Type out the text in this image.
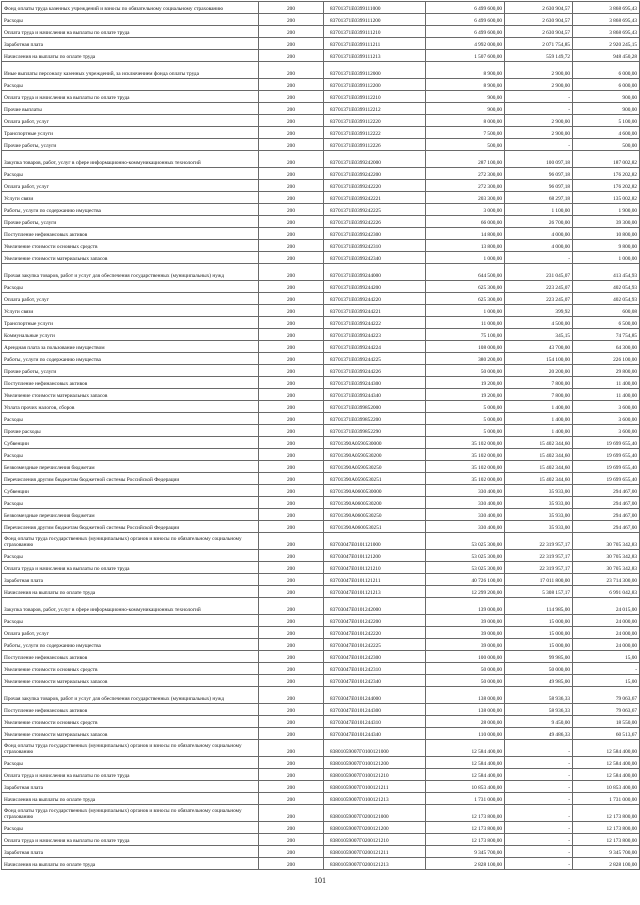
Фонд оплаты труда казенных учреждений и взносы по обязательному социальному страхованию	200	83701371E0399111000	6 499 600,00	2 630 904,57	3 868 695,43
Расходы	200	83701371E0399111200	6 499 600,00	2 630 904,57	3 868 695,43
Оплата труда и начисления на выплаты по оплате труда	200	83701371E0399111210	6 499 600,00	2 630 904,57	3 868 695,43
Заработная плата	200	83701371E0399111211	4 992 000,00	2 071 754,85	2 920 245,15
Начисления на выплаты по оплате труда	200	83701371E0399111213	1 507 600,00	559 149,72	948 450,28
Иные выплаты персоналу казенных учреждений, за исключением фонда оплаты труда	200	83701371E0399112000	8 900,00	2 900,00	6 000,00
Расходы	200	83701371E0399112200	8 900,00	2 900,00	6 000,00
Оплата труда и начисления на выплаты по оплате труда	200	83701371E0399112210	900,00	-	900,00
Прочие выплаты	200	83701371E0399112212	900,00	-	900,00
Оплата работ, услуг	200	83701371E0399112220	8 000,00	2 900,00	5 100,00
Транспортные услуги	200	83701371E0399112222	7 500,00	2 900,00	4 600,00
Прочие работы, услуги	200	83701371E0399112226	500,00	-	500,00
Закупка товаров, работ, услуг в сфере информационно-коммуникационных технологий	200	83701371E0399242000	287 100,00	100 097,18	187 002,82
Расходы	200	83701371E0399242200	272 300,00	96 097,18	176 202,82
Оплата работ, услуг	200	83701371E0399242220	272 300,00	96 097,18	176 202,82
Услуги связи	200	83701371E0399242221	203 300,00	68 297,18	135 002,82
Работы, услуги по содержанию имущества	200	83701371E0399242225	3 000,00	1 100,00	1 900,00
Прочие работы, услуги	200	83701371E0399242226	66 000,00	26 700,00	39 300,00
Поступление нефинансовых активов	200	83701371E0399242300	14 800,00	4 000,00	10 800,00
Увеличение стоимости основных средств	200	83701371E0399242310	13 800,00	4 000,00	9 800,00
Увеличение стоимости материальных запасов	200	83701371E0399242340	1 000,00	-	1 000,00
Прочая закупка товаров, работ и услуг для обеспечения государственных (муниципальных) нужд	200	83701371E0399244000	644 500,00	231 045,07	413 454,93
Расходы	200	83701371E0399244200	625 300,00	223 245,07	402 054,93
Оплата работ, услуг	200	83701371E0399244220	625 300,00	223 245,07	402 054,93
Услуги связи	200	83701371E0399244221	1 000,00	399,92	600,08
Транспортные услуги	200	83701371E0399244222	11 000,00	4 500,00	6 500,00
Коммунальные услуги	200	83701371E0399244223	75 100,00	345,15	74 754,85
Арендная плата за пользование имуществом	200	83701371E0399244224	108 000,00	43 700,00	64 300,00
Работы, услуги по содержанию имущества	200	83701371E0399244225	380 200,00	154 100,00	226 100,00
Прочие работы, услуги	200	83701371E0399244226	50 000,00	20 200,00	29 800,00
Поступление нефинансовых активов	200	83701371E0399244300	19 200,00	7 800,00	11 400,00
Увеличение стоимости материальных запасов	200	83701371E0399244340	19 200,00	7 800,00	11 400,00
Уплата прочих налогов, сборов	200	83701371E0399852000	5 000,00	1 400,00	3 600,00
Расходы	200	83701371E0399852200	5 000,00	1 400,00	3 600,00
Прочие расходы	200	83701371E0399852290	5 000,00	1 400,00	3 600,00
Субвенции	200	83701390A0590530000	35 102 000,00	15 402 344,60	19 699 655,40
Расходы	200	83701390A0590530200	35 102 000,00	15 402 344,60	19 699 655,40
Безвозмездные перечисления бюджетам	200	83701390A0590530250	35 102 000,00	15 402 344,60	19 699 655,40
Перечисления другим бюджетам бюджетной системы Российской Федерации	200	83701390A0590530251	35 102 000,00	15 402 344,60	19 699 655,40
Субвенции	200	83701390A0600530000	330 400,00	35 933,00	294 467,00
Расходы	200	83701390A0600530200	330 400,00	35 933,00	294 467,00
Безвозмездные перечисления бюджетам	200	83701390A0600530250	330 400,00	35 933,00	294 467,00
Перечисления другим бюджетам бюджетной системы Российской Федерации	200	83701390A0600530251	330 400,00	35 933,00	294 467,00
Фонд оплаты труда государственных (муниципальных) органов и взносы по обязательному социальному страхованию	200	83703047E0101121000	53 025 300,00	22 319 957,17	30 705 342,83
Расходы	200	83703047E0101121200	53 025 300,00	22 319 957,17	30 705 342,83
Оплата труда и начисления на выплаты по оплате труда	200	83703047E0101121210	53 025 300,00	22 319 957,17	30 705 342,83
Заработная плата	200	83703047E0101121211	40 726 100,00	17 011 800,00	23 714 300,00
Начисления на выплаты по оплате труда	200	83703047E0101121213	12 299 200,00	5 308 157,17	6 991 042,83
Закупка товаров, работ, услуг в сфере информационно-коммуникационных технологий	200	83703047E0101242000	139 000,00	114 985,00	24 015,00
Расходы	200	83703047E0101242200	39 000,00	15 000,00	24 000,00
Оплата работ, услуг	200	83703047E0101242220	39 000,00	15 000,00	24 000,00
Работы, услуги по содержанию имущества	200	83703047E0101242225	39 000,00	15 000,00	24 000,00
Поступление нефинансовых активов	200	83703047E0101242300	100 000,00	99 985,00	15,00
Увеличение стоимости основных средств	200	83703047E0101242310	50 000,00	50 000,00	-
Увеличение стоимости материальных запасов	200	83703047E0101242340	50 000,00	49 985,00	15,00
Прочая закупка товаров, работ и услуг для обеспечения государственных (муниципальных) нужд	200	83703047E0101244000	138 000,00	58 936,33	79 063,67
Поступление нефинансовых активов	200	83703047E0101244300	138 000,00	58 936,33	79 063,67
Увеличение стоимости основных средств	200	83703047E0101244310	28 000,00	9 450,00	18 550,00
Увеличение стоимости материальных запасов	200	83703047E0101244340	110 000,00	49 486,33	60 513,67
Фонд оплаты труда государственных (муниципальных) органов и взносы по обязательному социальному страхованию	200	83801059007Г0100121000	12 584 400,00	-	12 584 400,00
Расходы	200	83801059007Г0100121200	12 584 400,00	-	12 584 400,00
Оплата труда и начисления на выплаты по оплате труда	200	83801059007Г0100121210	12 584 400,00	-	12 584 400,00
Заработная плата	200	83801059007Г0100121211	10 853 400,00	-	10 853 400,00
Начисления на выплаты по оплате труда	200	83801059007Г0100121213	1 731 000,00	-	1 731 000,00
Фонд оплаты труда государственных (муниципальных) органов и взносы по обязательному социальному страхованию	200	83801059007Г0200121000	12 173 800,00	-	12 173 800,00
Расходы	200	83801059007Г0200121200	12 173 800,00	-	12 173 800,00
Оплата труда и начисления на выплаты по оплате труда	200	83801059007Г0200121210	12 173 800,00	-	12 173 800,00
Заработная плата	200	83801059007Г0200121211	9 345 700,00	-	9 345 700,00
Начисления на выплаты по оплате труда	200	83801059007Г0200121213	2 828 100,00	-	2 828 100,00
101
